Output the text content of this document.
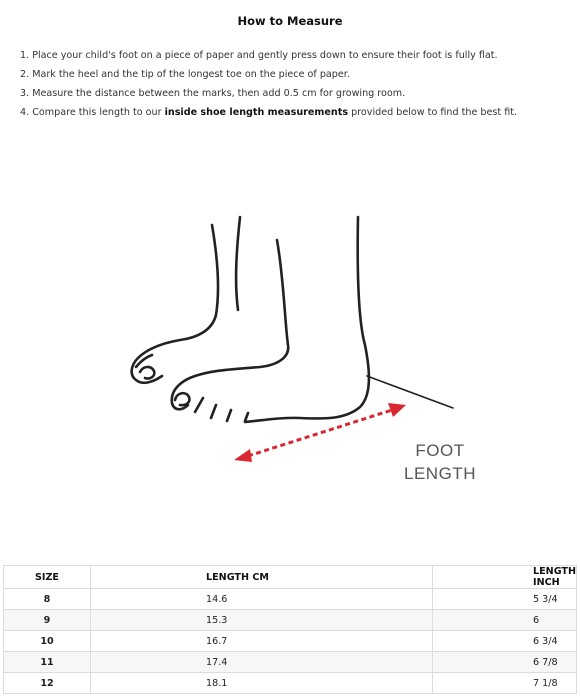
How to Measure
1. Place your child's foot on a piece of paper and gently press down to ensure their foot is fully flat.
2. Mark the heel and the tip of the longest toe on the piece of paper.
3. Measure the distance between the marks, then add 0.5 cm for growing room.
4. Compare this length to our inside shoe length measurements provided below to find the best fit.
FOOT
LENGTH
SIZE	LENGTH CM	LENGTH INCH
8	14.6	5 3/4
9	15.3	6
10	16.7	6 3/4
11	17.4	6 7/8
12	18.1	7 1/8
